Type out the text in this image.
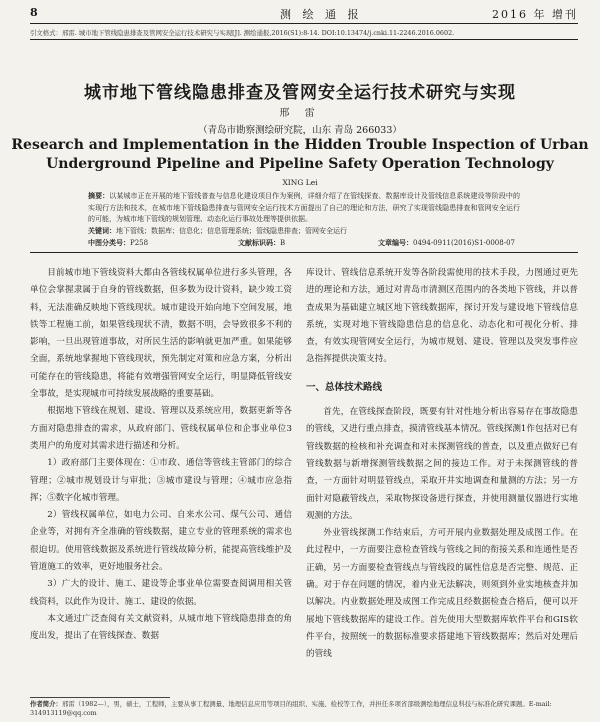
8	测 绘 通 报	2016 年 增刊
引文格式：邢雷. 城市地下管线隐患排查及管网安全运行技术研究与实现[J]. 测绘通报,2016(S1):8-14. DOI:10.13474/j.cnki.11-2246.2016.0602.
城市地下管线隐患排查及管网安全运行技术研究与实现
邢 雷
（青岛市勘察测绘研究院，山东 青岛 266033）
Research and Implementation in the Hidden Trouble Inspection of Urban
Underground Pipeline and Pipeline Safety Operation Technology
XING Lei
摘要：以某城市正在开展的地下管线普查与信息化建设项目作为案例，详细介绍了在管线探查、数据库设计及管线信息系统建设等阶段中的实现行方法和技术，在城市地下管线隐患排查与管网安全运行技术方面提出了自己的理论和方法，研究了实现管线隐患排查和管网安全运行的可能，为城市地下管线的规划管理、动态化运行事故处理等提供依据。
关键词：地下管线；数据库；信息化；信息管理系统；管线隐患排查；管网安全运行
中图分类号：P258	文献标识码：B	文章编号：0494-0911(2016)S1-0008-07

目前城市地下管线资料大都由各管线权属单位进行多头管理，各单位会掌握隶属于自身的管线数据，但多数为设计资料，缺少竣工资料，无法准确反映地下管线现状。城市建设开始向地下空间发展，地铁等工程施工前，如果管线现状不清，数据不明，会导致很多不利的影响，一旦出现管道事故，对所民生活的影响就更加严重。如果能够全面，系统地掌握地下管线现状，预先制定对策和应急方案，分析出可能存在的管线隐患，将能有效增强管网安全运行，明显降低管线安全事故，是实现城市可持续发展战略的重要基础。

根据地下管线在规划、建设、管理以及系统应用，数据更新等各方面对隐患排查的需求，从政府部门、管线权属单位和企事业单位3类用户的角度对其需求进行描述和分析。

1）政府部门主要体现在：①市政、通信等管线主管部门的综合管理；②城市规划设计与审批；③城市建设与管理；④城市应急指挥；⑤数字化城市管理。

2）管线权属单位，如电力公司、自来水公司、煤气公司、通信企业等，对拥有齐全准确的管线数据，建立专业的管理系统的需求也很迫切。使用管线数据及系统进行管线故障分析，能提高管线维护及管道施工的效率，更好地服务社会。

3）广大的设计、施工、建设等企事业单位需要查阅调用相关管线资料，以此作为设计、施工、建设的依据。

本文通过广泛查阅有关文献资料，从城市地下管线隐患排查的角度出发，提出了在管线探查、数据

库设计、管线信息系统开发等各阶段需使用的技术手段，力图通过更先进的理论和方法，通过对青岛市清测区范围内的各类地下管线，并以普查成果为基础建立城区地下管线数据库，探讨开发与建设地下管线信息系统，实现对地下管线隐患信息的信息化、动态化和可视化分析、排查，有效实现管网安全运行，为城市规划、建设、管理以及突发事件应急指挥提供决策支持。

一、总体技术路线

首先，在管线探查阶段，既要有针对性地分析出容易存在事故隐患的管线，又进行重点排查，摸清管线基本情况。管线探测1作包括对已有管线数据的检核和补充调查和对未探测管线的普查，以及重点做好已有管线数据与新增探测管线数据之间的接边工作。对于未探测管线的普查，一方面针对明显管线点，采取开井实地调查和量测的方法；另一方面针对隐蔽管线点，采取物探设备进行探查，并使用测量仪器进行实地观测的方法。

外业管线探测工作结束后，方可开展内业数据处理及成图工作。在此过程中，一方面要注意检查管线与管线之间的衔接关系和连通性是否正确，另一方面要检查管线点与管线段的属性信息是否完整、规范、正确。对于存在问题的情况，着内业无法解决，则须到外业实地核查并加以解决。内业数据处理及成图工作完成且经数据检查合格后，便可以开展地下管线数据库的建设工作。首先使用大型数据库软件平台和GIS软件平台，按照统一的数据标准要求搭建地下管线数据库；然后对处理后的管线

作者简介：邢雷（1982—），男，硕士，工程师，主要从事工程测量、地理信息应用等项目的组织、实施、检校等工作，并担任多项省部级测绘地理信息科技与标准化研究课题。E-mail: 314913119@qq.com
